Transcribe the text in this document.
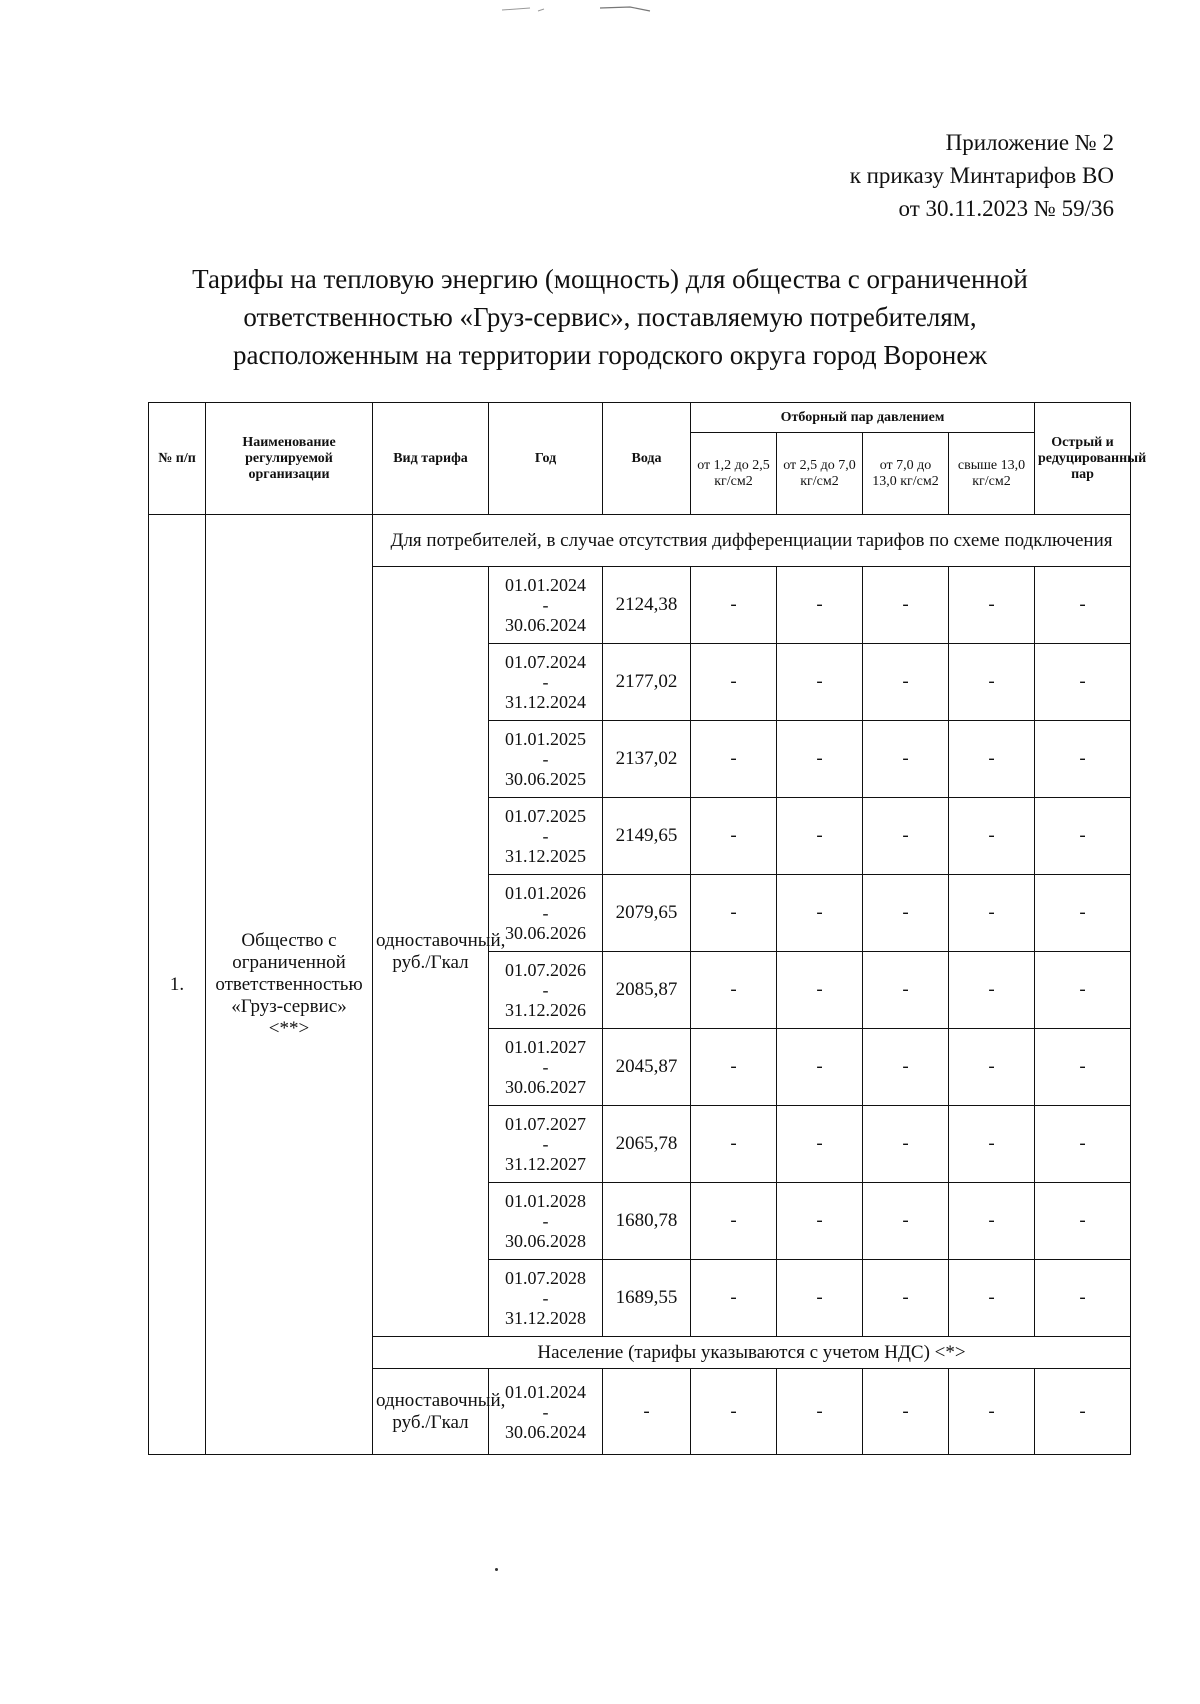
Приложение № 2
к приказу Минтарифов ВО
от 30.11.2023 № 59/36
Тарифы на тепловую энергию (мощность) для общества с ограниченной
ответственностью «Груз-сервис», поставляемую потребителям,
расположенным на территории городского округа город Воронеж
№ п/п	Наименование регулируемой организации	Вид тарифа	Год	Вода	Отборный пар давлением				Острый и редуцированный пар
					от 1,2 до 2,5 кг/см2	от 2,5 до 7,0 кг/см2	от 7,0 до 13,0 кг/см2	свыше 13,0 кг/см2	
1.	Общество с ограниченной ответственностью «Груз-сервис» <**>	Для потребителей, в случае отсутствия дифференциации тарифов по схеме подключения							
		одноставочный, руб./Гкал	01.01.2024
-
30.06.2024	2124,38	-	-	-	-	-

			01.07.2024
-
31.12.2024	2177,02	-	-	-	-	-

			01.01.2025
-
30.06.2025	2137,02	-	-	-	-	-

			01.07.2025
-
31.12.2025	2149,65	-	-	-	-	-

			01.01.2026
-
30.06.2026	2079,65	-	-	-	-	-

			01.07.2026
-
31.12.2026	2085,87	-	-	-	-	-

			01.01.2027
-
30.06.2027	2045,87	-	-	-	-	-

			01.07.2027
-
31.12.2027	2065,78	-	-	-	-	-

			01.01.2028
-
30.06.2028	1680,78	-	-	-	-	-

			01.07.2028
-
31.12.2028	1689,55	-	-	-	-	-
		Население (тарифы указываются с учетом НДС) <*>							
		одноставочный, руб./Гкал	01.01.2024
-
30.06.2024	-	-	-	-	-	-
